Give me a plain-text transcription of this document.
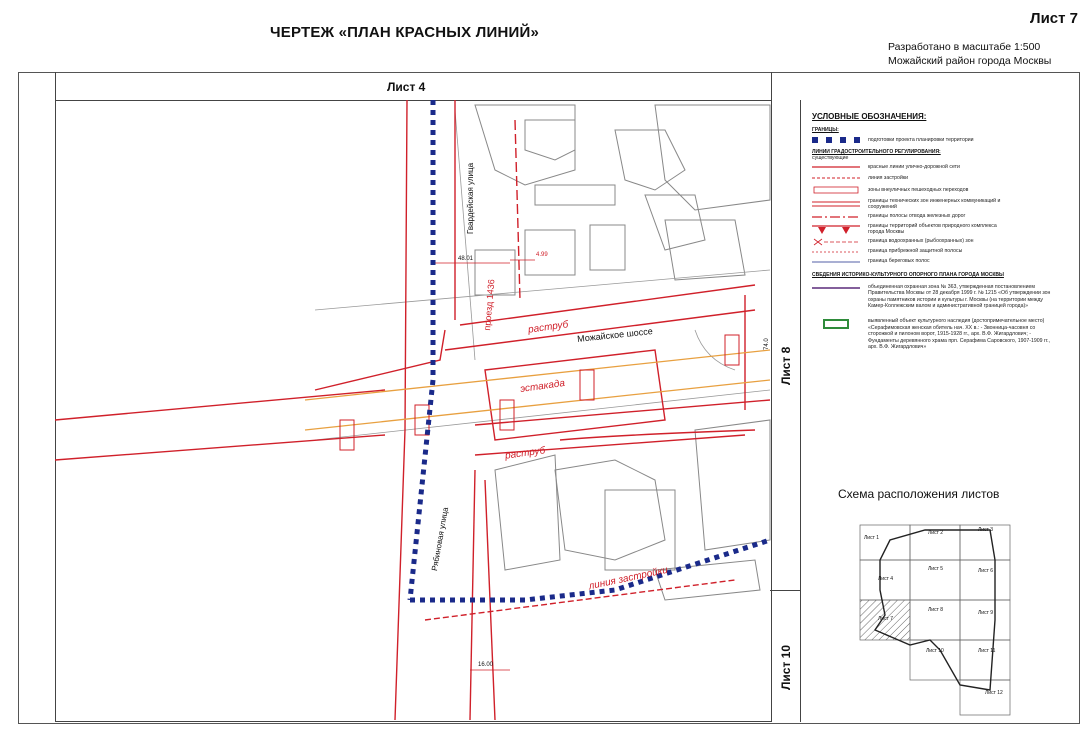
ЧЕРТЕЖ «ПЛАН КРАСНЫХ ЛИНИЙ»
Лист 7
Разработано в масштабе 1:500
Можайский район города Москвы
Лист 4
Гвардейская улица
Рябиновая улица
Можайское шоссе
проезд 1436	раструб
раструб
эстакада
линия застройки
48.01
4.99
16.00
74.0
Лист 8
Лист 10
УСЛОВНЫЕ ОБОЗНАЧЕНИЯ:
ГРАНИЦЫ:
подготовки проекта планировки территории
ЛИНИИ ГРАДОСТРОИТЕЛЬНОГО РЕГУЛИРОВАНИЯ:
существующие
красные линии улично-дорожной сети
линия застройки
зоны внеуличных пешеходных переходов
границы технических зон инженерных коммуникаций и сооружений
границы полосы отвода железных дорог
границы территорий объектов природного комплекса города Москвы
граница водоохранных (рыбоохранных) зон
граница прибрежной защитной полосы
граница береговых полос
СВЕДЕНИЯ ИСТОРИКО-КУЛЬТУРНОГО ОПОРНОГО ПЛАНА ГОРОДА МОСКВЫ
объединенная охранная зона № 363, утвержденная постановлением Правительства Москвы от 28 декабря 1999 г. № 1215 «Об утверждении зон охраны памятников истории и культуры г. Москвы (на территории между Камер-Коллежским валом и административной границей города)»
выявленный объект культурного наследия (достопримечательное место) «Серафимовская женская обитель нач. XX в.: - Звонница-часовня со сторожкой и пилоном ворот, 1915-1928 гг., арх. В.Ф. Жигардлович; - Фундаменты деревянного храма прп. Серафима Саровского, 1907-1909 гг., арх. В.Ф. Жигардлович»
Схема расположения листов
Лист 1
Лист 2	Лист 3
Лист 4
Лист 5	Лист 6
Лист 7
Лист 8	Лист 9
Лист 10	Лист 11
Лист 12
